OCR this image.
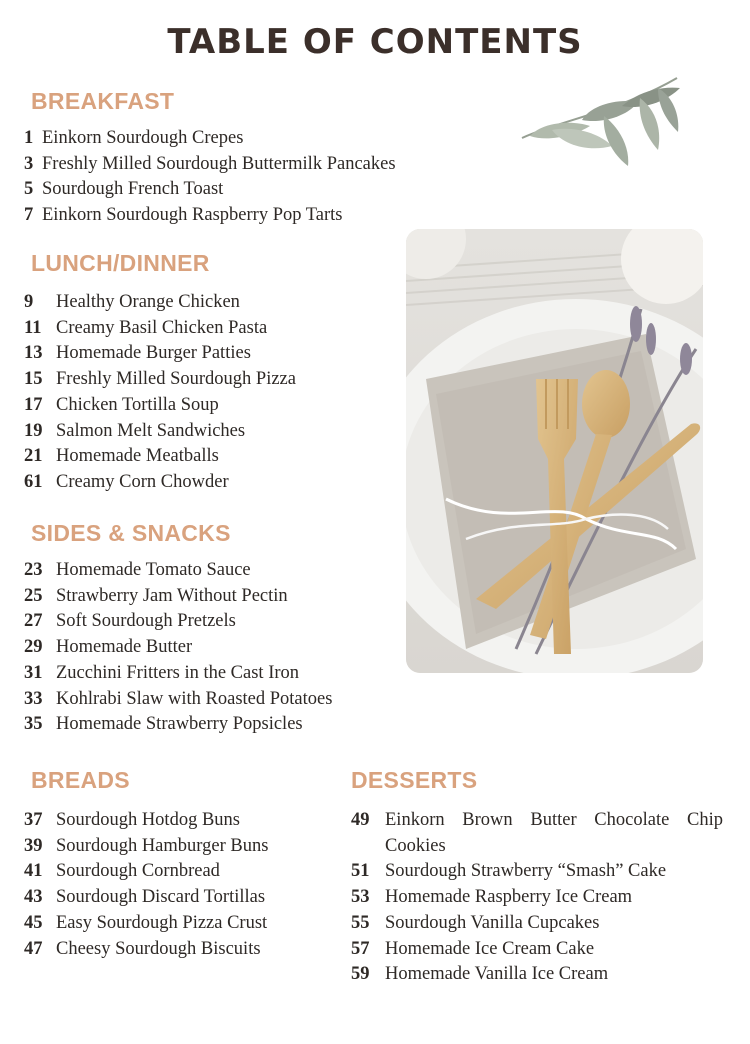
TABLE OF CONTENTS
BREAKFAST
1 Einkorn Sourdough Crepes
3 Freshly Milled Sourdough Buttermilk Pancakes
5 Sourdough French Toast
7 Einkorn Sourdough Raspberry Pop Tarts
LUNCH/DINNER
9	Healthy Orange Chicken
11 Creamy Basil Chicken Pasta
13 Homemade Burger Patties
15 Freshly Milled Sourdough Pizza
17 Chicken Tortilla Soup
19 Salmon Melt Sandwiches
21 Homemade Meatballs
61 Creamy Corn Chowder
SIDES & SNACKS
23 Homemade Tomato Sauce
25 Strawberry Jam Without Pectin
27 Soft Sourdough Pretzels
29 Homemade Butter
31 Zucchini Fritters in the Cast Iron
33 Kohlrabi Slaw with Roasted Potatoes
35 Homemade Strawberry Popsicles
BREADS
37 Sourdough Hotdog Buns
39 Sourdough Hamburger Buns
41 Sourdough Cornbread
43 Sourdough Discard Tortillas
45 Easy Sourdough Pizza Crust
47 Cheesy Sourdough Biscuits
DESSERTS
49 Einkorn Brown Butter Chocolate Chip Cookies
51 Sourdough Strawberry “Smash” Cake
53 Homemade Raspberry Ice Cream
55 Sourdough Vanilla Cupcakes
57 Homemade Ice Cream Cake
59 Homemade Vanilla Ice Cream
